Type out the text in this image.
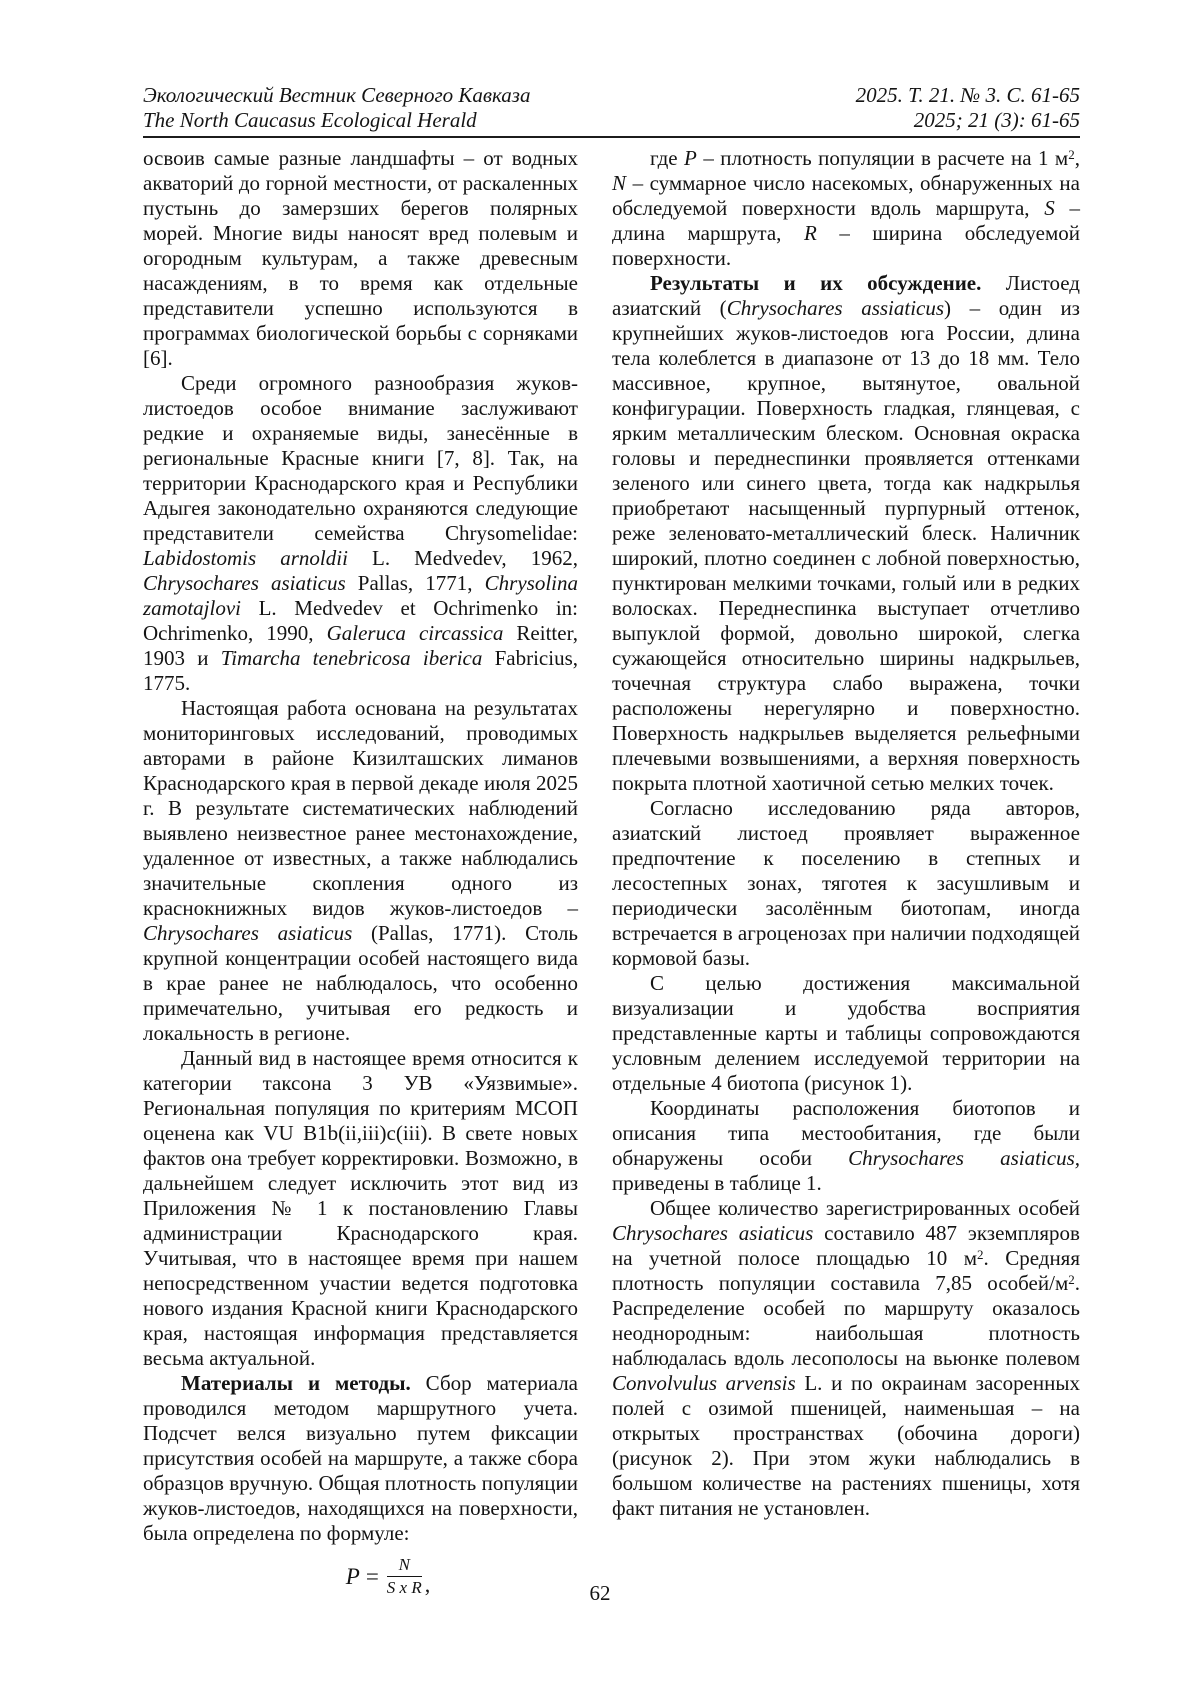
Экологический Вестник Северного Кавказа
The North Caucasus Ecological Herald
2025. Т. 21. № 3. С. 61-65
2025; 21 (3): 61-65

освоив самые разные ландшафты – от водных акваторий до горной местности, от раскаленных пустынь до замерзших берегов полярных морей. Многие виды наносят вред полевым и огородным культурам, а также древесным насаждениям, в то время как отдельные представители успешно используются в программах биологической борьбы с сорняками [6].

Среди огромного разнообразия жуков-листоедов особое внимание заслуживают редкие и охраняемые виды, занесённые в региональные Красные книги [7, 8]. Так, на территории Краснодарского края и Республики Адыгея законодательно охраняются следующие представители семейства Chrysomelidae: Labidostomis arnoldii L. Medvedev, 1962, Chrysochares asiaticus Pallas, 1771, Chrysolina zamotajlovi L. Medvedev et Ochrimenko in: Ochrimenko, 1990, Galeruca circassica Reitter, 1903 и Timarcha tenebricosa iberica Fabricius, 1775.

Настоящая работа основана на результатах мониторинговых исследований, проводимых авторами в районе Кизилташских лиманов Краснодарского края в первой декаде июля 2025 г. В результате систематических наблюдений выявлено неизвестное ранее местонахождение, удаленное от известных, а также наблюдались значительные скопления одного из краснокнижных видов жуков-листоедов – Chrysochares asiaticus (Pallas, 1771). Столь крупной концентрации особей настоящего вида в крае ранее не наблюдалось, что особенно примечательно, учитывая его редкость и локальность в регионе.

Данный вид в настоящее время относится к категории таксона 3 УВ «Уязвимые». Региональная популяция по критериям МСОП оценена как VU B1b(ii,iii)c(iii). В свете новых фактов она требует корректировки. Возможно, в дальнейшем следует исключить этот вид из Приложения № 1 к постановлению Главы администрации Краснодарского края. Учитывая, что в настоящее время при нашем непосредственном участии ведется подготовка нового издания Красной книги Краснодарского края, настоящая информация представляется весьма актуальной.

Материалы и методы. Сбор материала проводился методом маршрутного учета. Подсчет велся визуально путем фиксации присутствия особей на маршруте, а также сбора образцов вручную. Общая плотность популяции жуков-листоедов, находящихся на поверхности, была определена по формуле:

$P = \frac{N}{\text{S x R}}$ ,

где P – плотность популяции в расчете на 1 $м^2$, N – суммарное число насекомых, обнаруженных на обследуемой поверхности вдоль маршрута, S – длина маршрута, R – ширина обследуемой поверхности.

Результаты и их обсуждение. Листоед азиатский (Chrysochares assiaticus) – один из крупнейших жуков-листоедов юга России, длина тела колеблется в диапазоне от 13 до 18 мм. Тело массивное, крупное, вытянутое, овальной конфигурации. Поверхность гладкая, глянцевая, с ярким металлическим блеском. Основная окраска головы и переднеспинки проявляется оттенками зеленого или синего цвета, тогда как надкрылья приобретают насыщенный пурпурный оттенок, реже зеленовато-металлический блеск. Наличник широкий, плотно соединен с лобной поверхностью, пунктирован мелкими точками, голый или в редких волосках. Переднеспинка выступает отчетливо выпуклой формой, довольно широкой, слегка сужающейся относительно ширины надкрыльев, точечная структура слабо выражена, точки расположены нерегулярно и поверхностно. Поверхность надкрыльев выделяется рельефными плечевыми возвышениями, а верхняя поверхность покрыта плотной хаотичной сетью мелких точек.

Согласно исследованию ряда авторов, азиатский листоед проявляет выраженное предпочтение к поселению в степных и лесостепных зонах, тяготея к засушливым и периодически засолённым биотопам, иногда встречается в агроценозах при наличии подходящей кормовой базы.

С целью достижения максимальной визуализации и удобства восприятия представленные карты и таблицы сопровождаются условным делением исследуемой территории на отдельные 4 биотопа (рисунок 1).

Координаты расположения биотопов и описания типа местообитания, где были обнаружены особи Chrysochares asiaticus, приведены в таблице 1.

Общее количество зарегистрированных особей Chrysochares asiaticus составило 487 экземпляров на учетной полосе площадью 10 $м^2$. Средняя плотность популяции составила 7,85 особей/$м^2$. Распределение особей по маршруту оказалось неоднородным: наибольшая плотность наблюдалась вдоль лесополосы на вьюнке полевом Convolvulus arvensis L. и по окраинам засоренных полей с озимой пшеницей, наименьшая – на открытых пространствах (обочина дороги) (рисунок 2). При этом жуки наблюдались в большом количестве на растениях пшеницы, хотя факт питания не установлен.

62
